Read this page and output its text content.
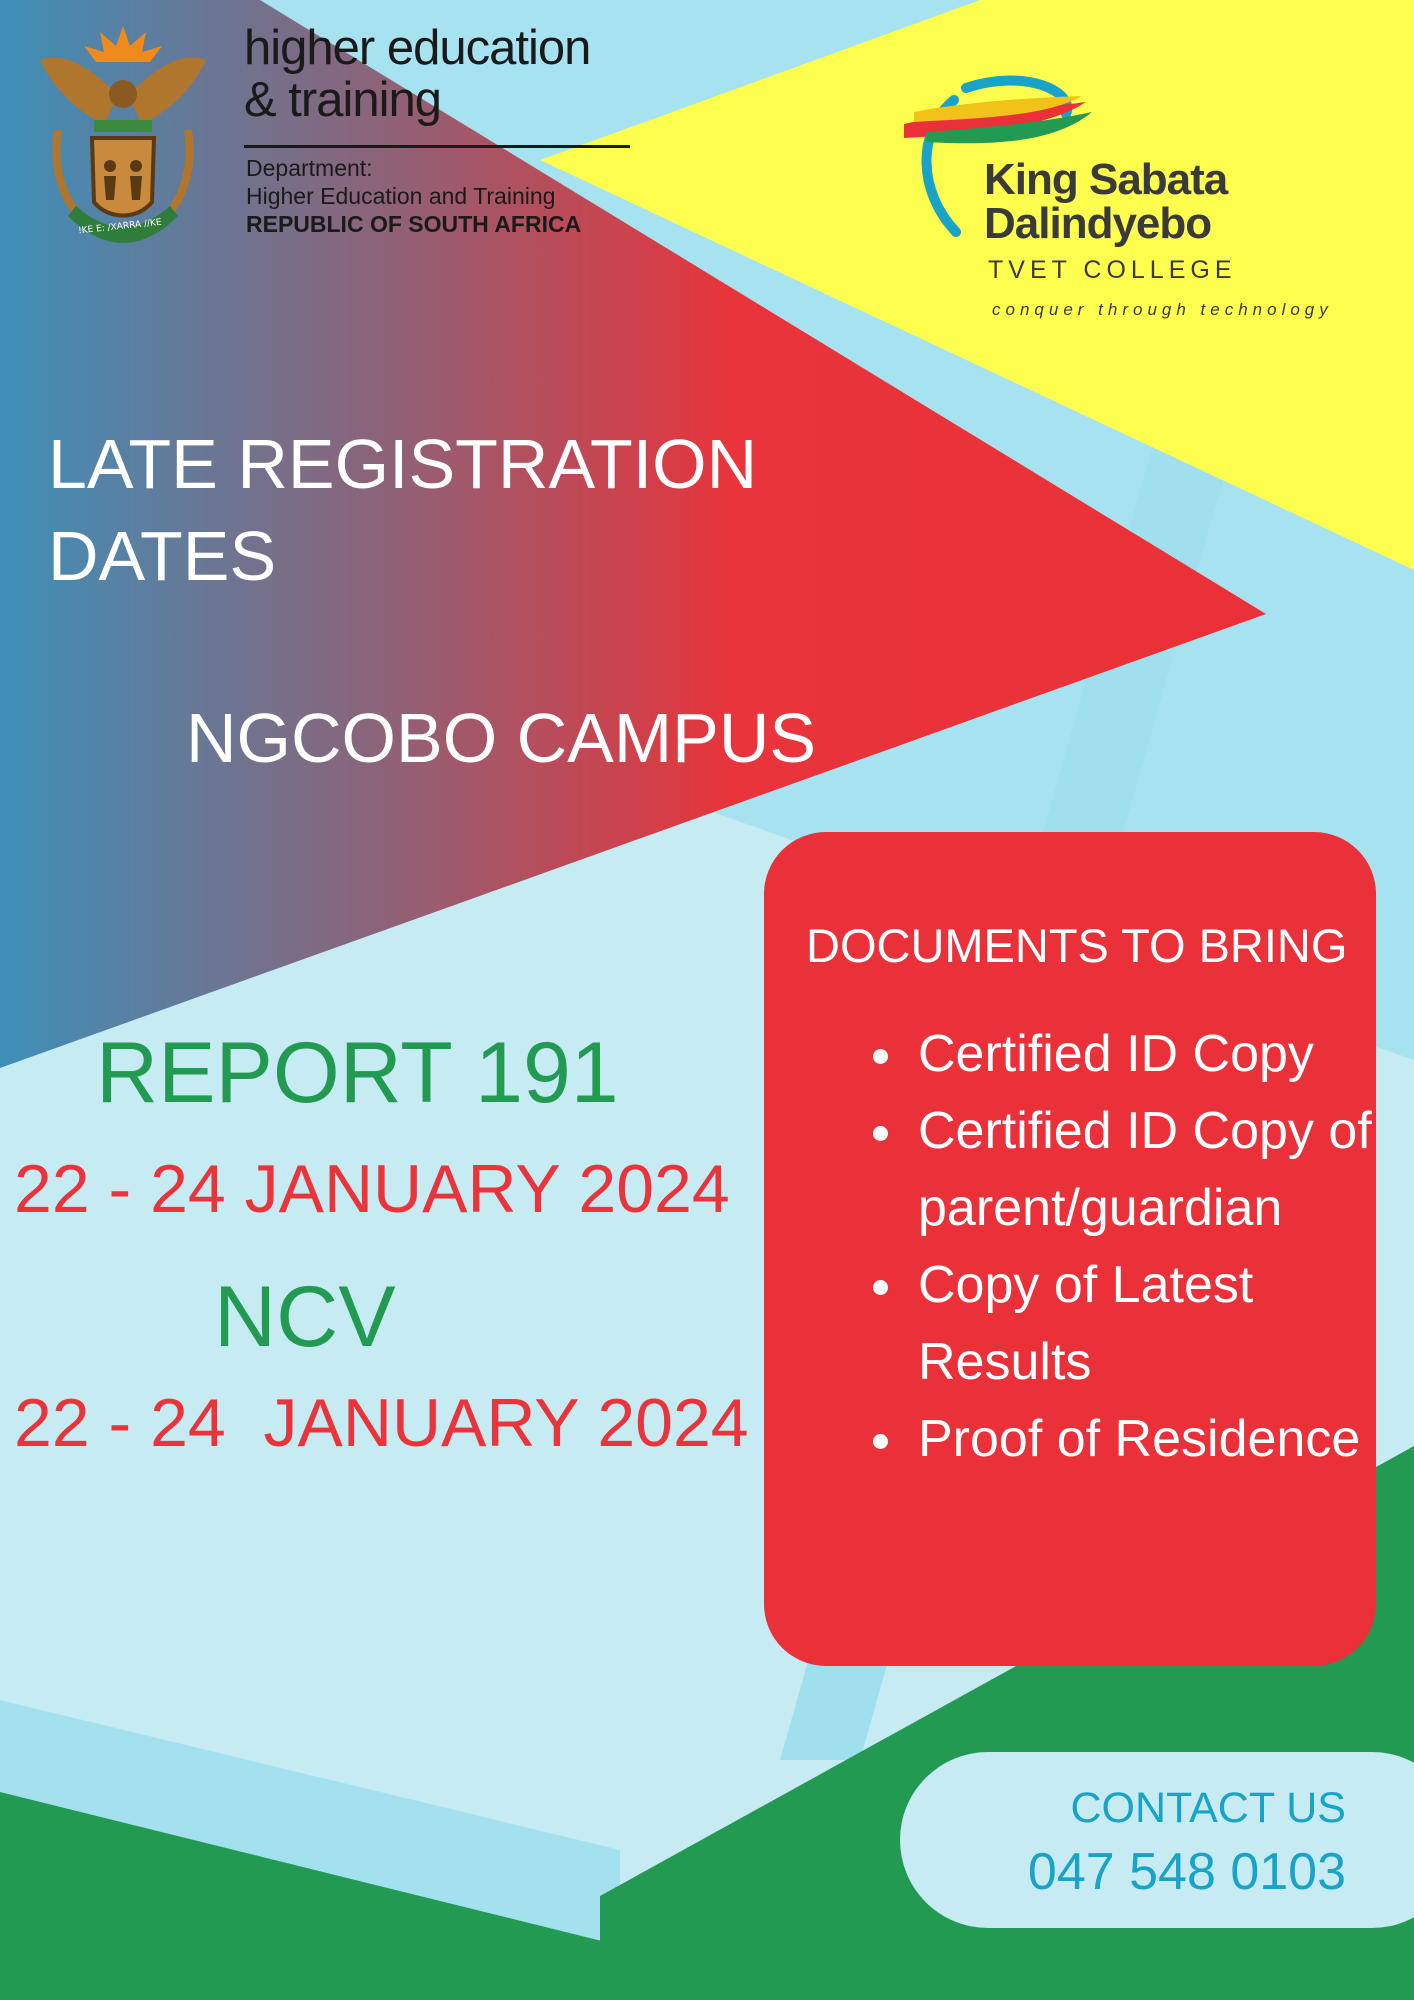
!KE E: /XARRA //KE
higher education
& training
Department:
Higher Education and Training
REPUBLIC OF SOUTH AFRICA
King Sabata
Dalindyebo
TVET COLLEGE
conquer through technology
LATE REGISTRATION
DATES
NGCOBO CAMPUS
REPORT 191
22 - 24 JANUARY 2024
NCV
22 - 24  JANUARY 2024
DOCUMENTS TO BRING
• Certified ID Copy
• Certified ID Copy of parent/guardian
• Copy of Latest Results
• Proof of Residence
CONTACT US
047 548 0103
